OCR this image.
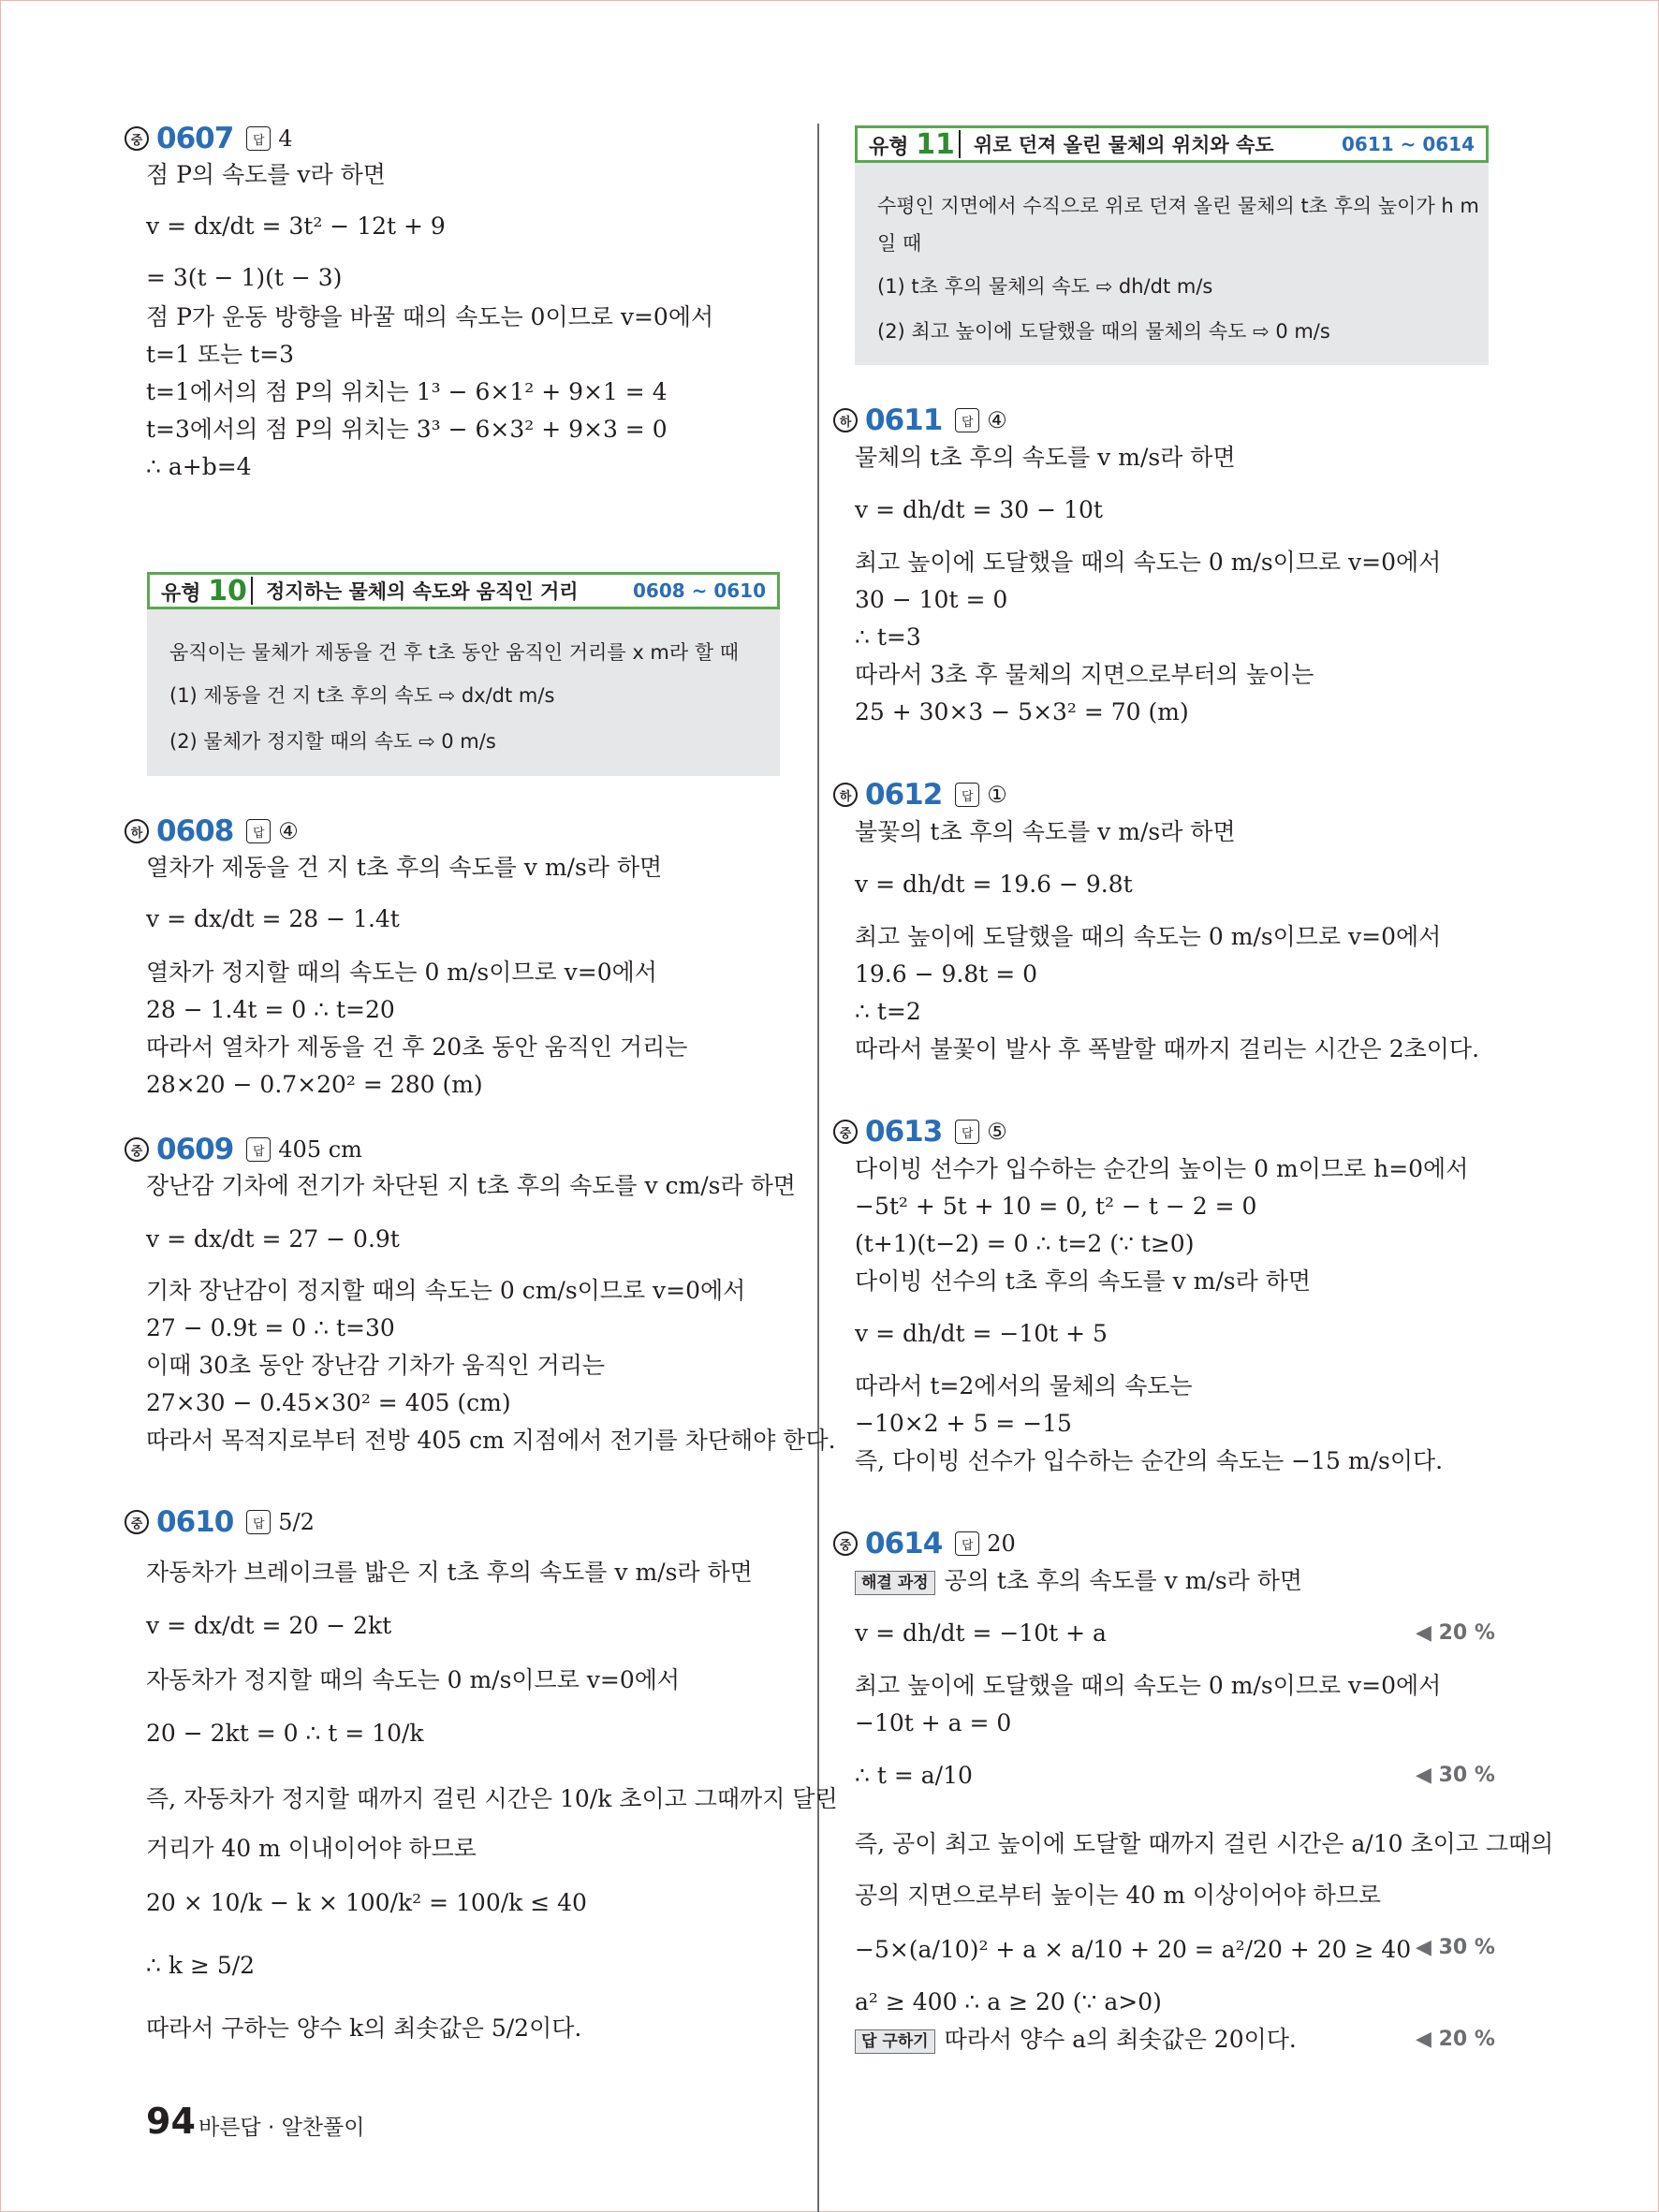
중 0607	답 4
점 P의 속도를 v라 하면
v = dx/dt = 3t² − 12t + 9
= 3(t − 1)(t − 3)
점 P가 운동 방향을 바꿀 때의 속도는 0이므로 v=0에서
t=1 또는 t=3
t=1에서의 점 P의 위치는 1³ − 6×1² + 9×1 = 4
t=3에서의 점 P의 위치는 3³ − 6×3² + 9×3 = 0
∴ a+b=4
유형 10 정지하는 물체의 속도와 움직인 거리	0608 ~ 0610
움직이는 물체가 제동을 건 후 t초 동안 움직인 거리를 x m라 할 때
(1) 제동을 건 지 t초 후의 속도 ⇨ dx/dt m/s
(2) 물체가 정지할 때의 속도 ⇨ 0 m/s
하 0608	답 ④
열차가 제동을 건 지 t초 후의 속도를 v m/s라 하면
v = dx/dt = 28 − 1.4t
열차가 정지할 때의 속도는 0 m/s이므로 v=0에서
28 − 1.4t = 0 ∴ t=20
따라서 열차가 제동을 건 후 20초 동안 움직인 거리는
28×20 − 0.7×20² = 280 (m)
중 0609	답 405 cm
장난감 기차에 전기가 차단된 지 t초 후의 속도를 v cm/s라 하면
v = dx/dt = 27 − 0.9t
기차 장난감이 정지할 때의 속도는 0 cm/s이므로 v=0에서
27 − 0.9t = 0 ∴ t=30
이때 30초 동안 장난감 기차가 움직인 거리는
27×30 − 0.45×30² = 405 (cm)
따라서 목적지로부터 전방 405 cm 지점에서 전기를 차단해야 한다.
중 0610	답 5/2
자동차가 브레이크를 밟은 지 t초 후의 속도를 v m/s라 하면
v = dx/dt = 20 − 2kt
자동차가 정지할 때의 속도는 0 m/s이므로 v=0에서
20 − 2kt = 0 ∴ t = 10/k
즉, 자동차가 정지할 때까지 걸린 시간은 10/k 초이고 그때까지 달린
거리가 40 m 이내이어야 하므로
20 × 10/k − k × 100/k² = 100/k ≤ 40
∴ k ≥ 5/2
따라서 구하는 양수 k의 최솟값은 5/2이다.
유형 11 위로 던져 올린 물체의 위치와 속도	0611 ~ 0614
수평인 지면에서 수직으로 위로 던져 올린 물체의 t초 후의 높이가 h m
일 때
(1) t초 후의 물체의 속도 ⇨ dh/dt m/s
(2) 최고 높이에 도달했을 때의 물체의 속도 ⇨ 0 m/s
하 0611	답 ④
물체의 t초 후의 속도를 v m/s라 하면
v = dh/dt = 30 − 10t
최고 높이에 도달했을 때의 속도는 0 m/s이므로 v=0에서
30 − 10t = 0
∴ t=3
따라서 3초 후 물체의 지면으로부터의 높이는
25 + 30×3 − 5×3² = 70 (m)
하 0612	답 ①
불꽃의 t초 후의 속도를 v m/s라 하면
v = dh/dt = 19.6 − 9.8t
최고 높이에 도달했을 때의 속도는 0 m/s이므로 v=0에서
19.6 − 9.8t = 0
∴ t=2
따라서 불꽃이 발사 후 폭발할 때까지 걸리는 시간은 2초이다.
중 0613	답 ⑤
다이빙 선수가 입수하는 순간의 높이는 0 m이므로 h=0에서
−5t² + 5t + 10 = 0, t² − t − 2 = 0
(t+1)(t−2) = 0 ∴ t=2 (∵ t≥0)
다이빙 선수의 t초 후의 속도를 v m/s라 하면
v = dh/dt = −10t + 5
따라서 t=2에서의 물체의 속도는
−10×2 + 5 = −15
즉, 다이빙 선수가 입수하는 순간의 속도는 −15 m/s이다.
중 0614	답 20
해결 과정 공의 t초 후의 속도를 v m/s라 하면
v = dh/dt = −10t + a	◀ 20 %
최고 높이에 도달했을 때의 속도는 0 m/s이므로 v=0에서
−10t + a = 0
∴ t = a/10	◀ 30 %
즉, 공이 최고 높이에 도달할 때까지 걸린 시간은 a/10 초이고 그때의
공의 지면으로부터 높이는 40 m 이상이어야 하므로
−5×(a/10)² + a × a/10 + 20 = a²/20 + 20 ≥ 40 ◀ 30 %
a² ≥ 400 ∴ a ≥ 20 (∵ a>0)
답 구하기 따라서 양수 a의 최솟값은 20이다.	◀ 20 %
94 바른답 · 알찬풀이
